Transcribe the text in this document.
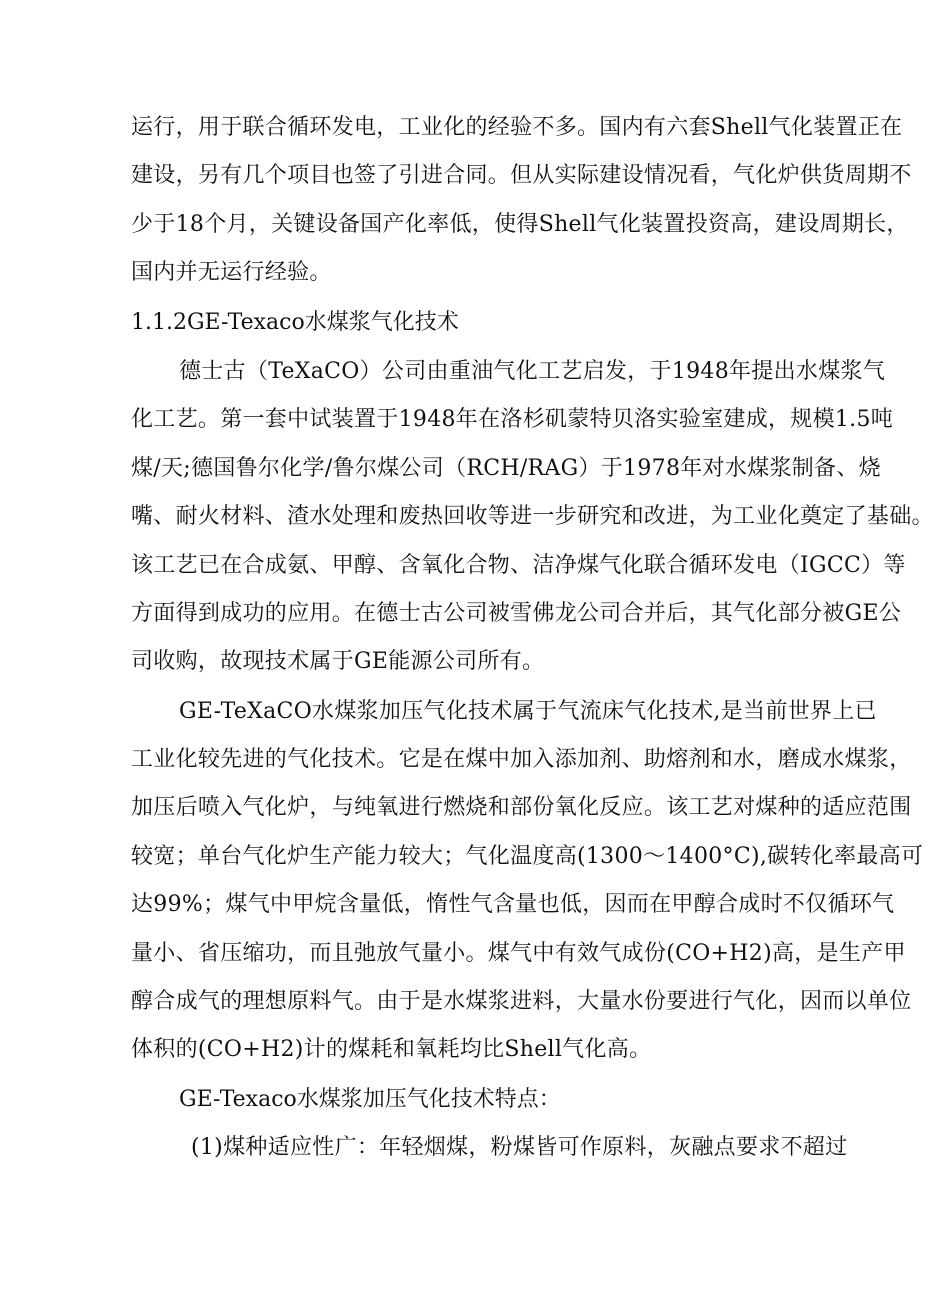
运行，用于联合循环发电，工业化的经验不多。国内有六套Shell气化装置正在
建设，另有几个项目也签了引进合同。但从实际建设情况看，气化炉供货周期不
少于18个月，关键设备国产化率低，使得Shell气化装置投资高，建设周期长，
国内并无运行经验。
1.1.2GE-Texaco水煤浆气化技术
德士古（TeXaCO）公司由重油气化工艺启发，于1948年提出水煤浆气
化工艺。第一套中试装置于1948年在洛杉矶蒙特贝洛实验室建成，规模1.5吨
煤/天;德国鲁尔化学/鲁尔煤公司（RCH/RAG）于1978年对水煤浆制备、烧
嘴、耐火材料、渣水处理和废热回收等进一步研究和改进，为工业化奠定了基础。
该工艺已在合成氨、甲醇、含氧化合物、洁净煤气化联合循环发电（IGCC）等
方面得到成功的应用。在德士古公司被雪佛龙公司合并后，其气化部分被GE公
司收购，故现技术属于GE能源公司所有。
GE-TeXaCO水煤浆加压气化技术属于气流床气化技术,是当前世界上已
工业化较先进的气化技术。它是在煤中加入添加剂、助熔剂和水，磨成水煤浆，
加压后喷入气化炉，与纯氧进行燃烧和部份氧化反应。该工艺对煤种的适应范围
较宽；单台气化炉生产能力较大；气化温度高(1300～1400°C),碳转化率最高可
达99%；煤气中甲烷含量低，惰性气含量也低，因而在甲醇合成时不仅循环气
量小、省压缩功，而且弛放气量小。煤气中有效气成份(CO+H2)高，是生产甲
醇合成气的理想原料气。由于是水煤浆进料，大量水份要进行气化，因而以单位
体积的(CO+H2)计的煤耗和氧耗均比Shell气化高。
GE-Texaco水煤浆加压气化技术特点：
(1)煤种适应性广：年轻烟煤，粉煤皆可作原料，灰融点要求不超过
